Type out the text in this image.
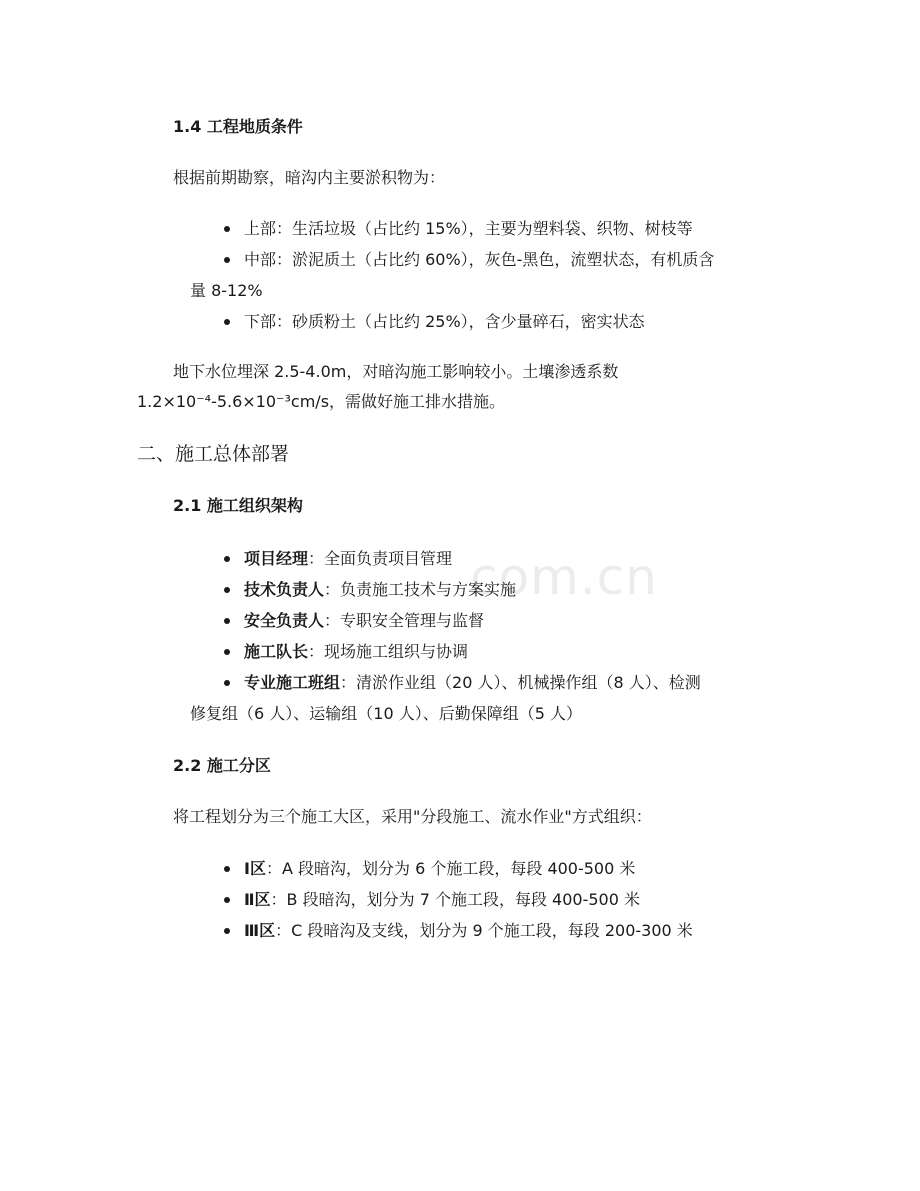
com.cn
1.4 工程地质条件
根据前期勘察，暗沟内主要淤积物为：
上部：生活垃圾（占比约 15%），主要为塑料袋、织物、树枝等
中部：淤泥质土（占比约 60%），灰色-黑色，流塑状态，有机质含
量 8-12%
下部：砂质粉土（占比约 25%），含少量碎石，密实状态
地下水位埋深 2.5-4.0m，对暗沟施工影响较小。土壤渗透系数 1.2×10⁻⁴-5.6×10⁻³cm/s，需做好施工排水措施。
二、施工总体部署
2.1 施工组织架构
项目经理：全面负责项目管理
技术负责人：负责施工技术与方案实施
安全负责人：专职安全管理与监督
施工队长：现场施工组织与协调
专业施工班组：清淤作业组（20 人）、机械操作组（8 人）、检测
修复组（6 人）、运输组（10 人）、后勤保障组（5 人）
2.2 施工分区
将工程划分为三个施工大区，采用"分段施工、流水作业"方式组织：
Ⅰ区：A 段暗沟，划分为 6 个施工段，每段 400-500 米
Ⅱ区：B 段暗沟，划分为 7 个施工段，每段 400-500 米
Ⅲ区：C 段暗沟及支线，划分为 9 个施工段，每段 200-300 米
